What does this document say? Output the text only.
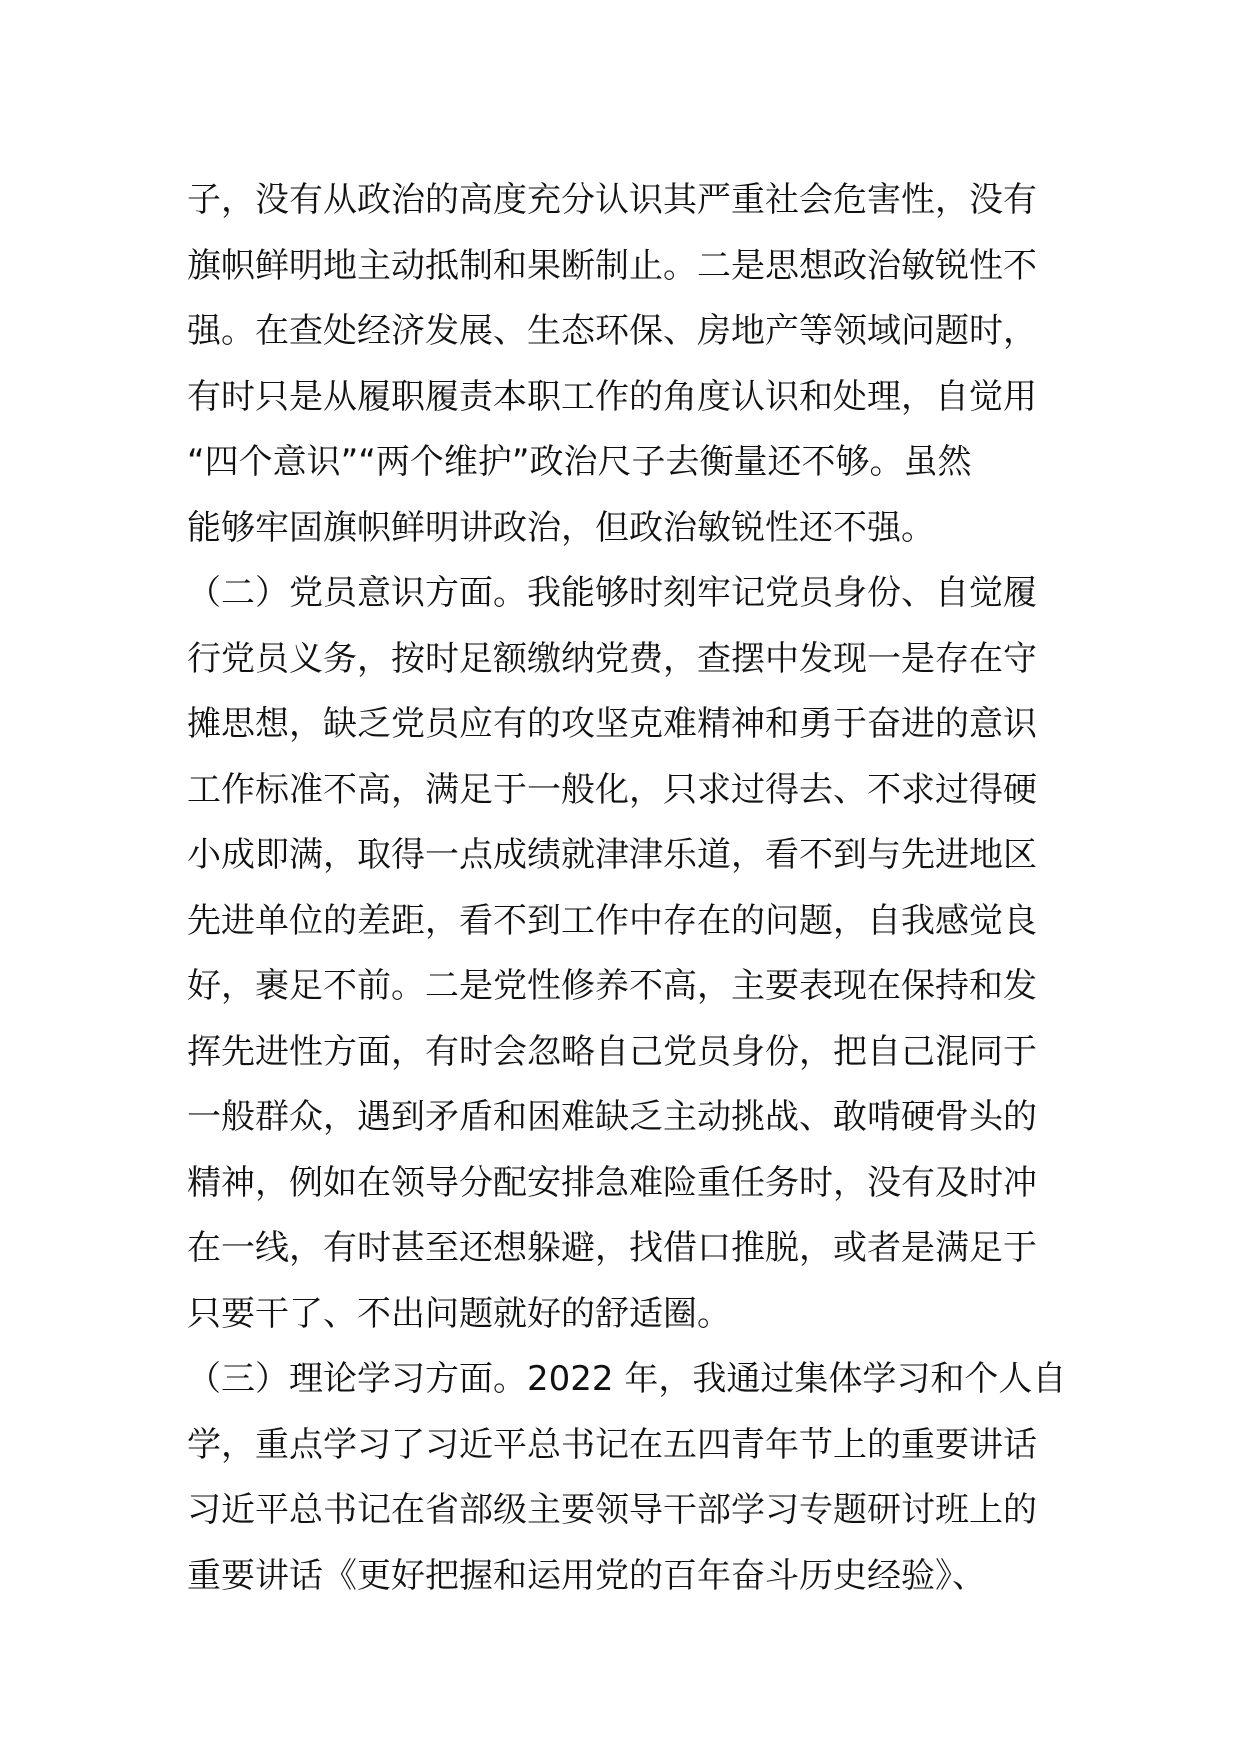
子，没有从政治的高度充分认识其严重社会危害性，没有
旗帜鲜明地主动抵制和果断制止。二是思想政治敏锐性不
强。在查处经济发展、生态环保、房地产等领域问题时，
有时只是从履职履责本职工作的角度认识和处理，自觉用
“四个意识”“两个维护”政治尺子去衡量还不够。虽然
能够牢固旗帜鲜明讲政治，但政治敏锐性还不强。
（二）党员意识方面。我能够时刻牢记党员身份、自觉履
行党员义务，按时足额缴纳党费，查摆中发现一是存在守
摊思想，缺乏党员应有的攻坚克难精神和勇于奋进的意识
工作标准不高，满足于一般化，只求过得去、不求过得硬
小成即满，取得一点成绩就津津乐道，看不到与先进地区
先进单位的差距，看不到工作中存在的问题，自我感觉良
好，裹足不前。二是党性修养不高，主要表现在保持和发
挥先进性方面，有时会忽略自己党员身份，把自己混同于
一般群众，遇到矛盾和困难缺乏主动挑战、敢啃硬骨头的
精神，例如在领导分配安排急难险重任务时，没有及时冲
在一线，有时甚至还想躲避，找借口推脱，或者是满足于
只要干了、不出问题就好的舒适圈。
（三）理论学习方面。2022 年，我通过集体学习和个人自
学，重点学习了习近平总书记在五四青年节上的重要讲话
习近平总书记在省部级主要领导干部学习专题研讨班上的
重要讲话《更好把握和运用党的百年奋斗历史经验》、
